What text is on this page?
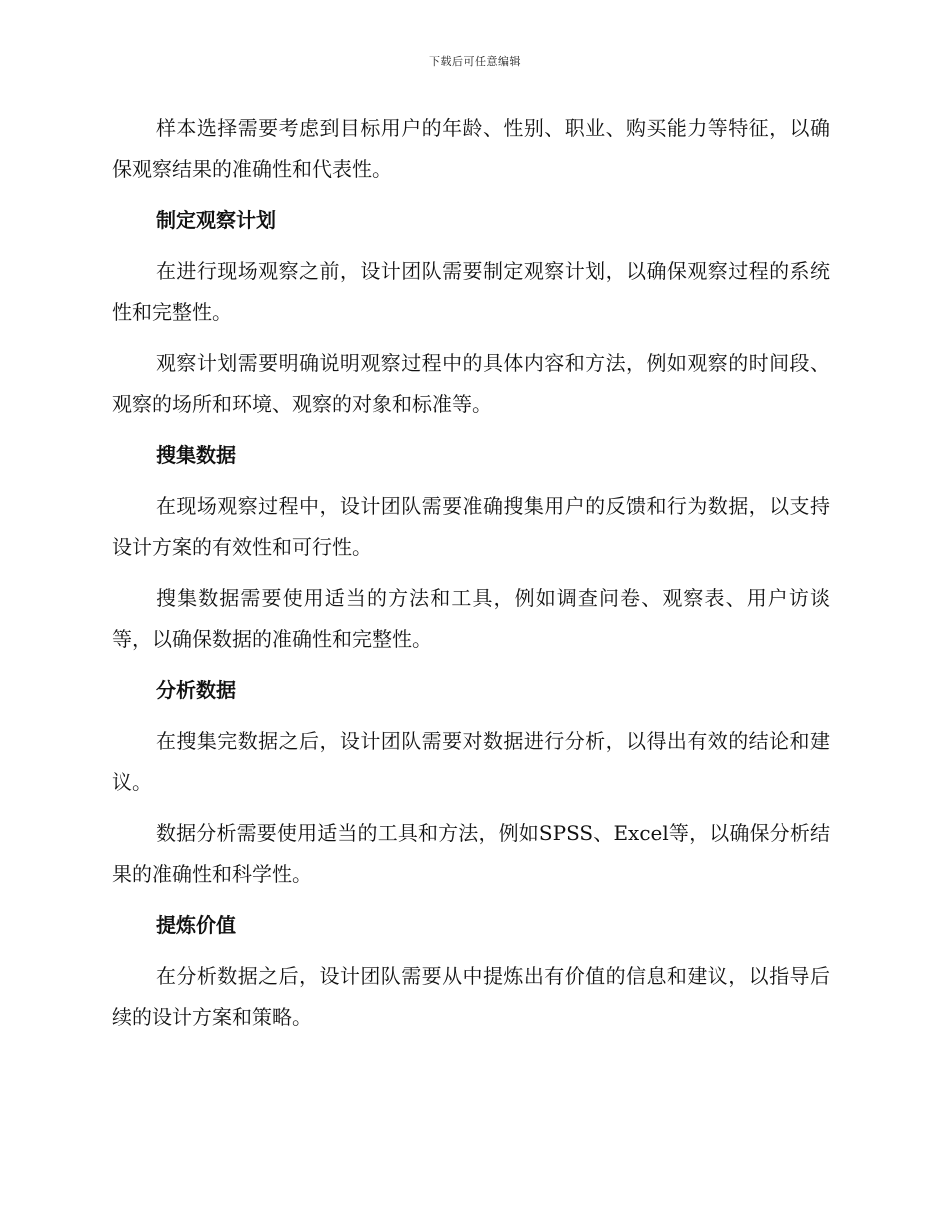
下载后可任意编辑

样本选择需要考虑到目标用户的年龄、性别、职业、购买能力等特征，以确保观察结果的准确性和代表性。

制定观察计划

在进行现场观察之前，设计团队需要制定观察计划，以确保观察过程的系统性和完整性。

观察计划需要明确说明观察过程中的具体内容和方法，例如观察的时间段、观察的场所和环境、观察的对象和标准等。

搜集数据

在现场观察过程中，设计团队需要准确搜集用户的反馈和行为数据，以支持设计方案的有效性和可行性。

搜集数据需要使用适当的方法和工具，例如调查问卷、观察表、用户访谈等，以确保数据的准确性和完整性。

分析数据

在搜集完数据之后，设计团队需要对数据进行分析，以得出有效的结论和建议。

数据分析需要使用适当的工具和方法，例如SPSS、Excel等，以确保分析结果的准确性和科学性。

提炼价值

在分析数据之后，设计团队需要从中提炼出有价值的信息和建议，以指导后续的设计方案和策略。
